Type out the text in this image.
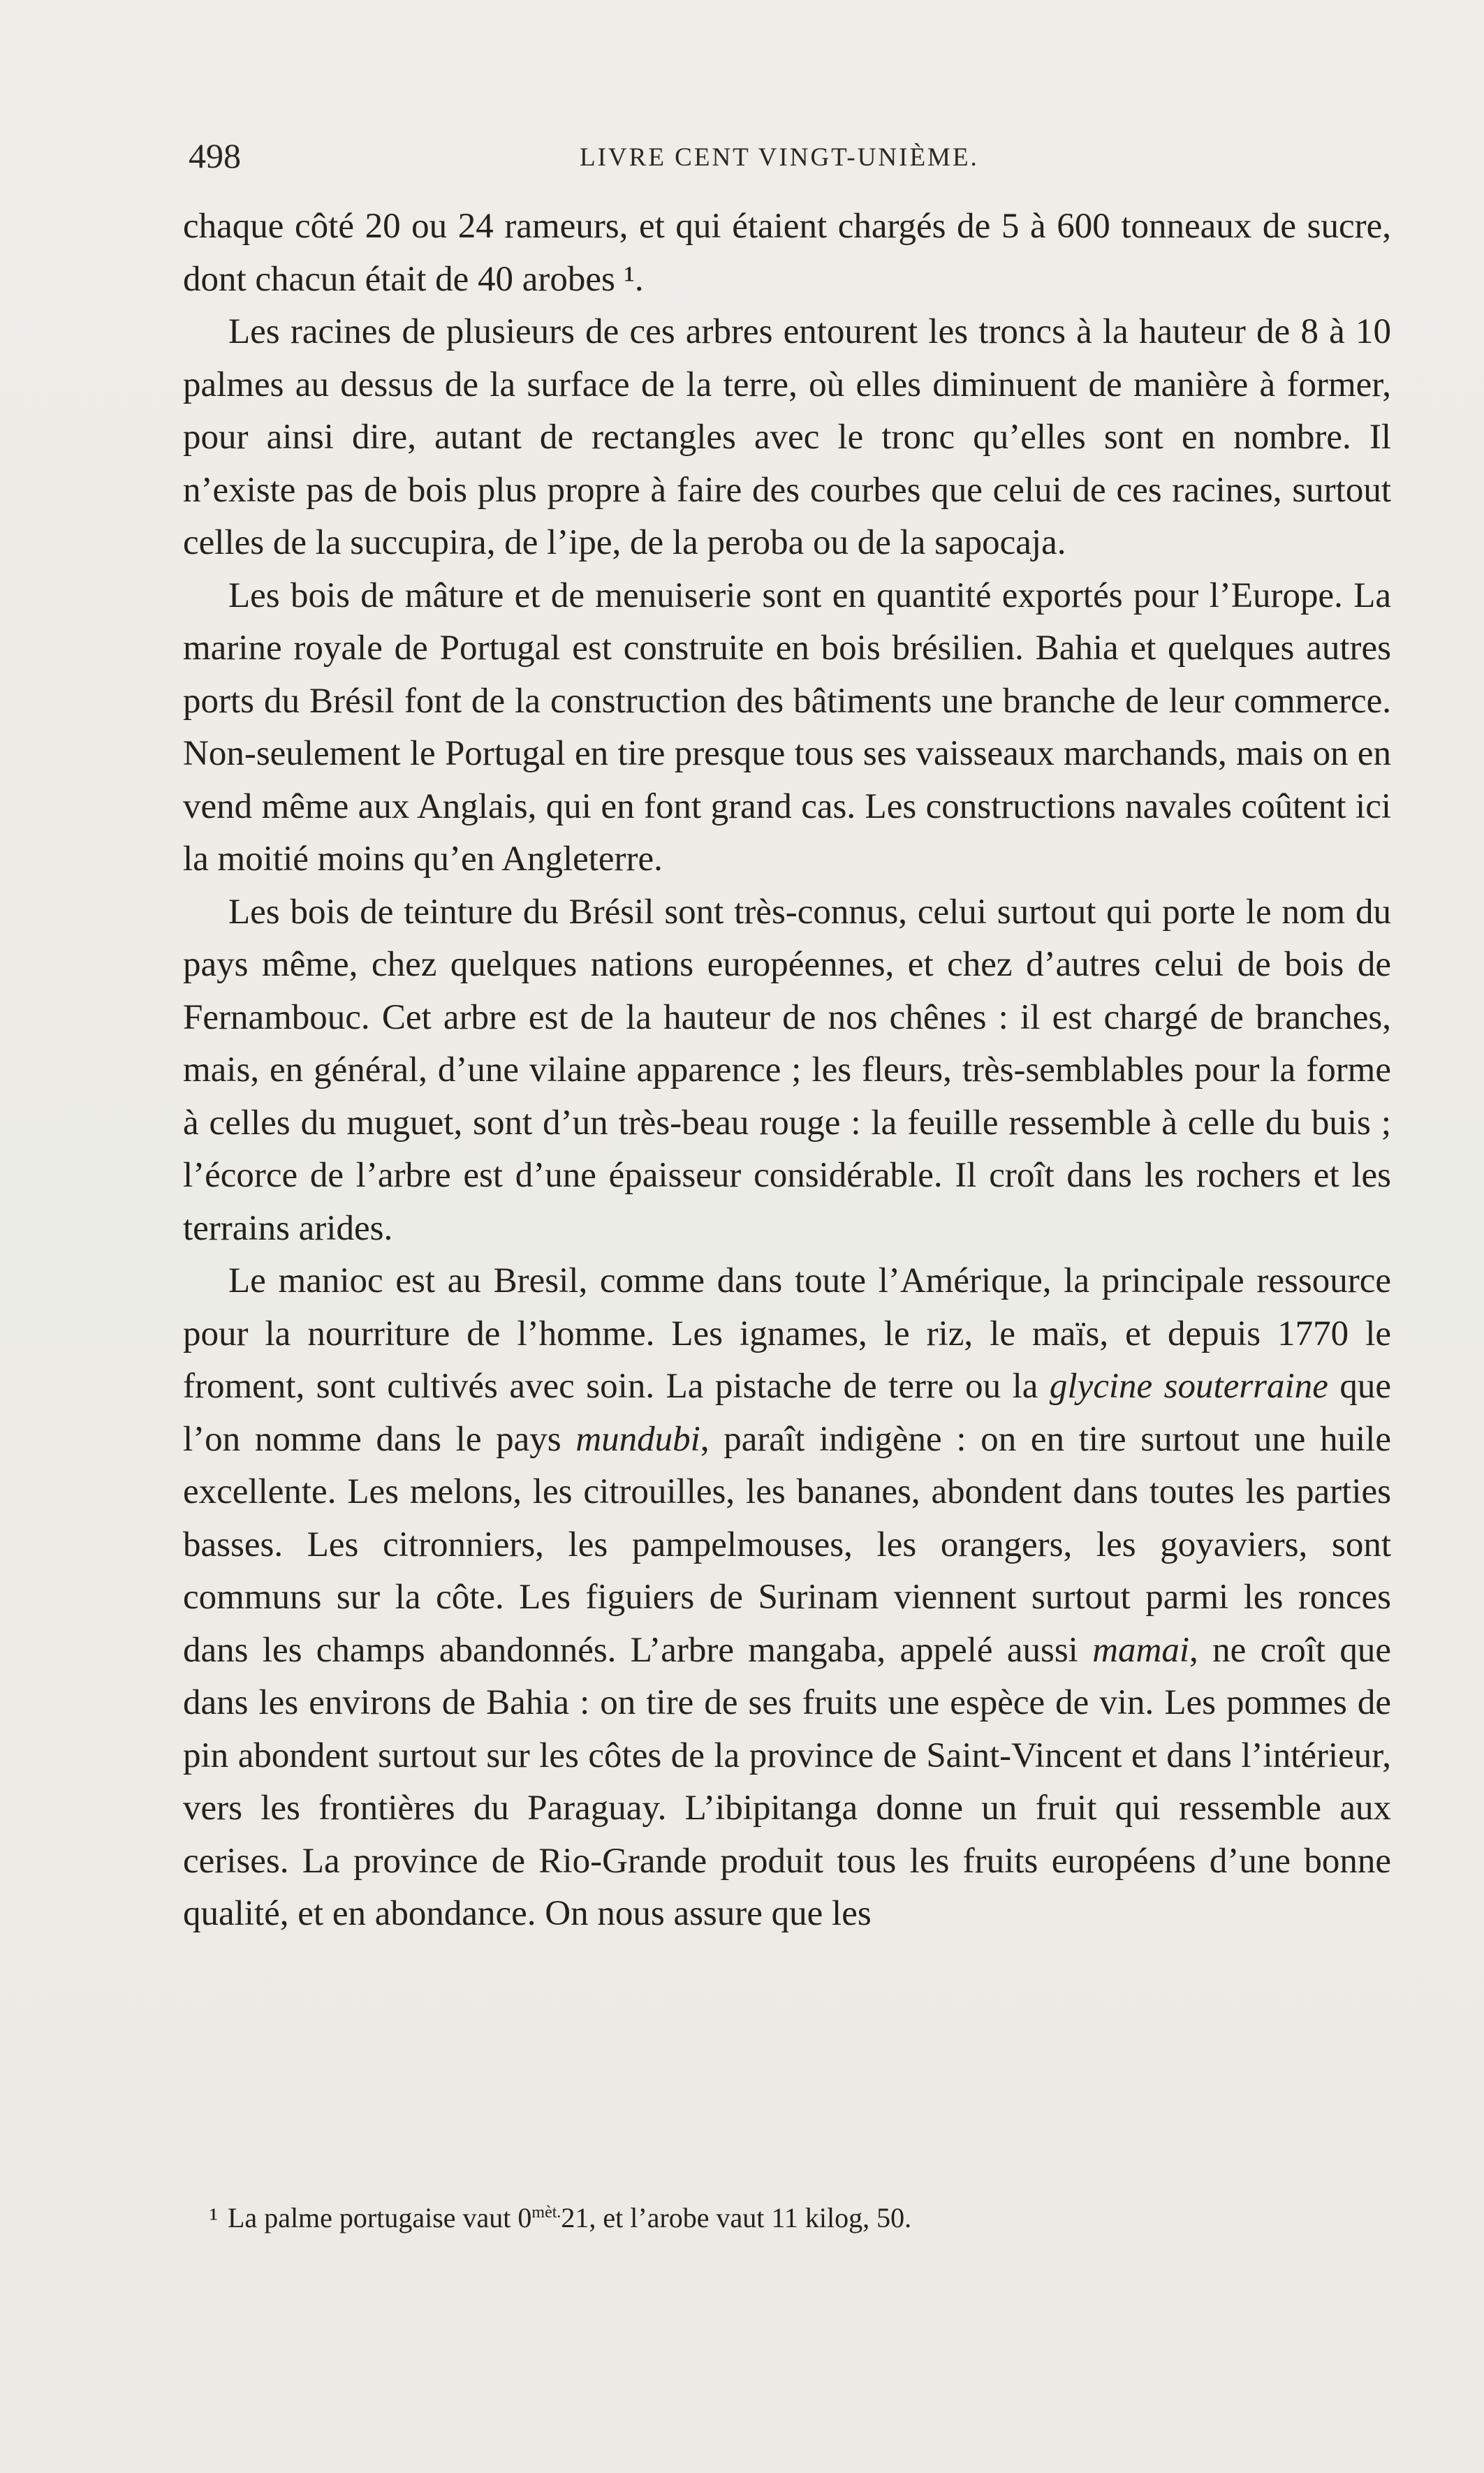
498	LIVRE CENT VINGT-UNIÈME.

chaque côté 20 ou 24 rameurs, et qui étaient chargés de 5 à 600 tonneaux de sucre, dont chacun était de 40 arobes ¹.

Les racines de plusieurs de ces arbres entourent les troncs à la hauteur de 8 à 10 palmes au dessus de la surface de la terre, où elles diminuent de manière à former, pour ainsi dire, autant de rectangles avec le tronc qu’elles sont en nombre. Il n’existe pas de bois plus propre à faire des courbes que celui de ces racines, surtout celles de la succupira, de l’ipe, de la peroba ou de la sapocaja.

Les bois de mâture et de menuiserie sont en quantité exportés pour l’Europe. La marine royale de Portugal est construite en bois brésilien. Bahia et quelques autres ports du Brésil font de la construction des bâtiments une branche de leur commerce. Non-seulement le Portugal en tire presque tous ses vaisseaux marchands, mais on en vend même aux Anglais, qui en font grand cas. Les constructions navales coûtent ici la moitié moins qu’en Angleterre.

Les bois de teinture du Brésil sont très-connus, celui surtout qui porte le nom du pays même, chez quelques nations européennes, et chez d’autres celui de bois de Fernambouc. Cet arbre est de la hauteur de nos chênes : il est chargé de branches, mais, en général, d’une vilaine apparence ; les fleurs, très-semblables pour la forme à celles du muguet, sont d’un très-beau rouge : la feuille ressemble à celle du buis ; l’écorce de l’arbre est d’une épaisseur considérable. Il croît dans les rochers et les terrains arides.

Le manioc est au Bresil, comme dans toute l’Amérique, la principale ressource pour la nourriture de l’homme. Les ignames, le riz, le maïs, et depuis 1770 le froment, sont cultivés avec soin. La pistache de terre ou la glycine souterraine que l’on nomme dans le pays mundubi, paraît indigène : on en tire surtout une huile excellente. Les melons, les citrouilles, les bananes, abondent dans toutes les parties basses. Les citronniers, les pampelmouses, les orangers, les goyaviers, sont communs sur la côte. Les figuiers de Surinam viennent surtout parmi les ronces dans les champs abandonnés. L’arbre mangaba, appelé aussi mamai, ne croît que dans les environs de Bahia : on tire de ses fruits une espèce de vin. Les pommes de pin abondent surtout sur les côtes de la province de Saint-Vincent et dans l’intérieur, vers les frontières du Paraguay. L’ibipitanga donne un fruit qui ressemble aux cerises. La province de Rio-Grande produit tous les fruits européens d’une bonne qualité, et en abondance. On nous assure que les

¹ La palme portugaise vaut $0^{mèt.}21$, et l’arobe vaut 11 kilog, 50.
